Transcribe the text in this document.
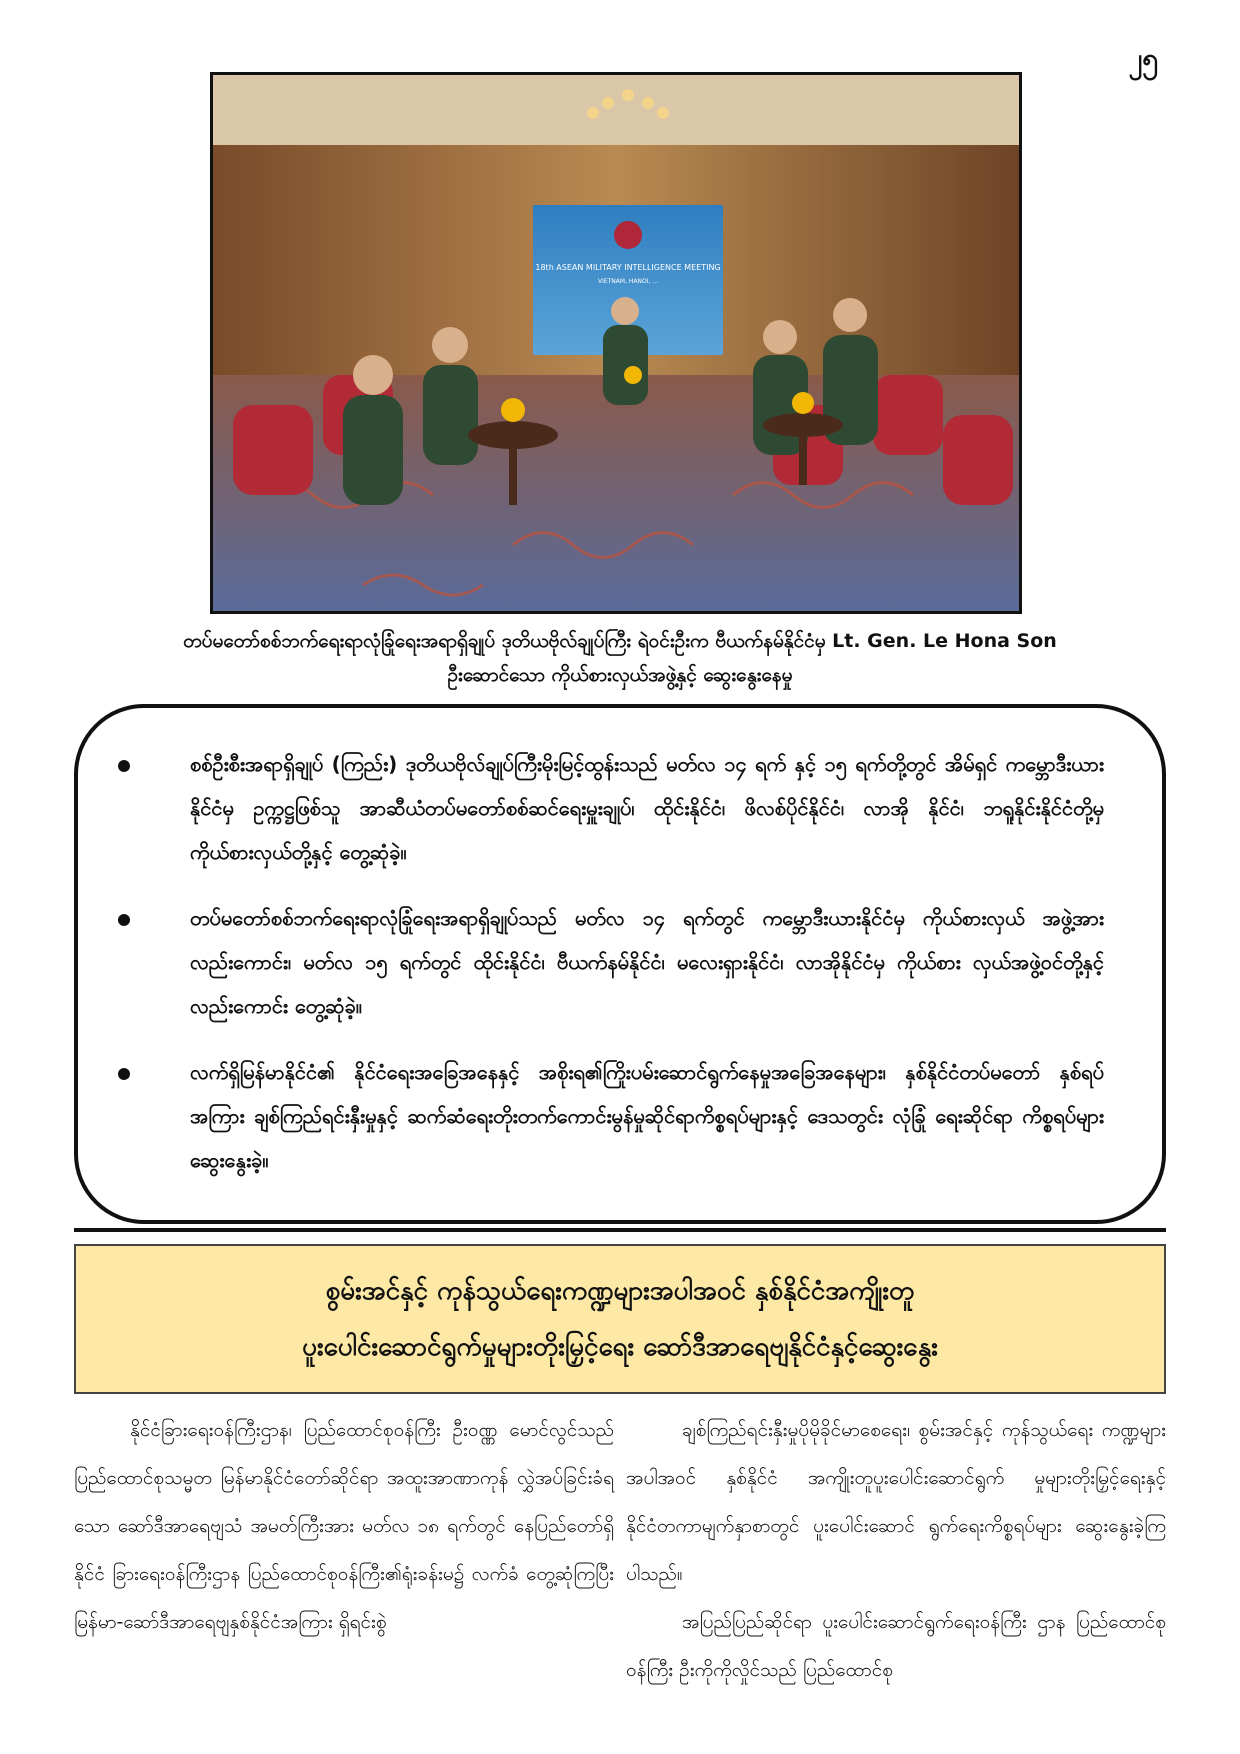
၂၅
18th ASEAN MILITARY INTELLIGENCE MEETING
VIETNAM, HANOI, ...
တပ်မတော်စစ်ဘက်ရေးရာလုံခြုံရေးအရာရှိချုပ် ဒုတိယဗိုလ်ချုပ်ကြီး ရဲဝင်းဦးက ဗီယက်နမ်နိုင်ငံမှ Lt. Gen. Le Hona Son
ဦးဆောင်သော ကိုယ်စားလှယ်အဖွဲ့နှင့် ဆွေးနွေးနေမှု
စစ်ဦးစီးအရာရှိချုပ် (ကြည်း) ဒုတိယဗိုလ်ချုပ်ကြီးမိုးမြင့်ထွန်းသည် မတ်လ ၁၄ ရက် နှင့် ၁၅ ရက်တို့တွင် အိမ်ရှင် ကမ္ဘောဒီးယားနိုင်ငံမှ ဥက္ကဋ္ဌဖြစ်သူ အာဆီယံတပ်မတော်စစ်ဆင်ရေးမှူးချုပ်၊ ထိုင်းနိုင်ငံ၊ ဖိလစ်ပိုင်နိုင်ငံ၊ လာအို နိုင်ငံ၊ ဘရူနိုင်းနိုင်ငံတို့မှ ကိုယ်စားလှယ်တို့နှင့် တွေ့ဆုံခဲ့။
တပ်မတော်စစ်ဘက်ရေးရာလုံခြုံရေးအရာရှိချုပ်သည် မတ်လ ၁၄ ရက်တွင် ကမ္ဘောဒီးယားနိုင်ငံမှ ကိုယ်စားလှယ် အဖွဲ့အားလည်းကောင်း၊ မတ်လ ၁၅ ရက်တွင် ထိုင်းနိုင်ငံ၊ ဗီယက်နမ်နိုင်ငံ၊ မလေးရှားနိုင်ငံ၊ လာအိုနိုင်ငံမှ ကိုယ်စား လှယ်အဖွဲ့ဝင်တို့နှင့်လည်းကောင်း တွေ့ဆုံခဲ့။
လက်ရှိမြန်မာနိုင်ငံ၏ နိုင်ငံရေးအခြေအနေနှင့် အစိုးရ၏ကြိုးပမ်းဆောင်ရွက်နေမှုအခြေအနေများ၊ နှစ်နိုင်ငံတပ်မတော် နှစ်ရပ်အကြား ချစ်ကြည်ရင်းနှီးမှုနှင့် ဆက်ဆံရေးတိုးတက်ကောင်းမွန်မှုဆိုင်ရာကိစ္စရပ်များနှင့် ဒေသတွင်း လုံခြုံ ရေးဆိုင်ရာ ကိစ္စရပ်များ ဆွေးနွေးခဲ့။
စွမ်းအင်နှင့် ကုန်သွယ်ရေးကဏ္ဍများအပါအဝင် နှစ်နိုင်ငံအကျိုးတူ
ပူးပေါင်းဆောင်ရွက်မှုများတိုးမြှင့်ရေး ဆော်ဒီအာရေဗျနိုင်ငံနှင့်ဆွေးနွေး

နိုင်ငံခြားရေးဝန်ကြီးဌာန၊ ပြည်ထောင်စုဝန်ကြီး ဦးဝဏ္ဏ မောင်လွင်သည် ပြည်ထောင်စုသမ္မတ မြန်မာနိုင်ငံတော်ဆိုင်ရာ အထူးအာဏာကုန် လွှဲအပ်ခြင်းခံရသော ဆော်ဒီအာရေဗျသံ အမတ်ကြီးအား မတ်လ ၁၈ ရက်တွင် နေပြည်တော်ရှိ နိုင်ငံ ခြားရေးဝန်ကြီးဌာန ပြည်ထောင်စုဝန်ကြီး၏ရုံးခန်းမ၌ လက်ခံ တွေ့ဆုံကြပြီး မြန်မာ-ဆော်ဒီအာရေဗျနှစ်နိုင်ငံအကြား ရှိရင်းစွဲ

ချစ်ကြည်ရင်းနှီးမှုပိုမိုခိုင်မာစေရေး၊ စွမ်းအင်နှင့် ကုန်သွယ်ရေး ကဏ္ဍများအပါအဝင် နှစ်နိုင်ငံ အကျိုးတူပူးပေါင်းဆောင်ရွက် မှုများတိုးမြှင့်ရေးနှင့် နိုင်ငံတကာမျက်နှာစာတွင် ပူးပေါင်းဆောင် ရွက်ရေးကိစ္စရပ်များ ဆွေးနွေးခဲ့ကြပါသည်။

အပြည်ပြည်ဆိုင်ရာ ပူးပေါင်းဆောင်ရွက်ရေးဝန်ကြီး ဌာန ပြည်ထောင်စုဝန်ကြီး ဦးကိုကိုလှိုင်သည် ပြည်ထောင်စု
